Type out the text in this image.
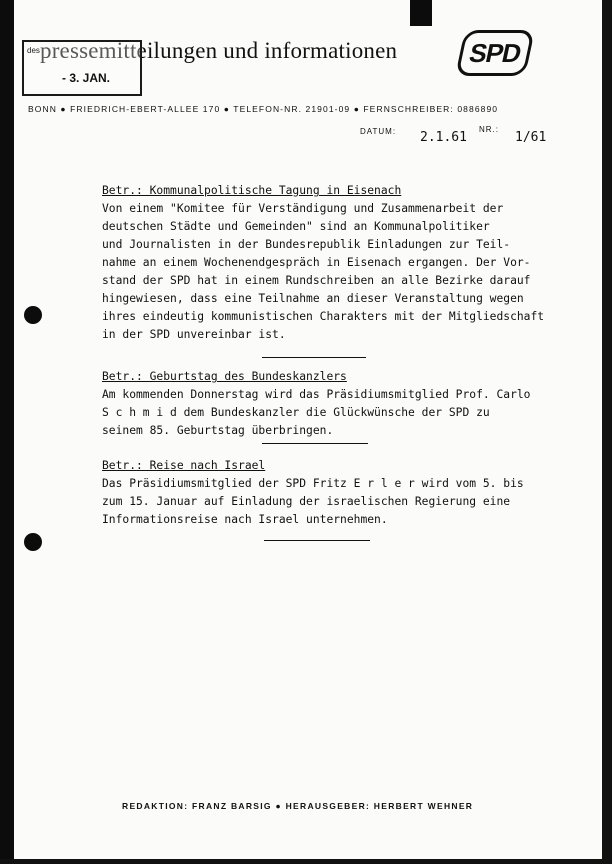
pressemitteilungen und informationen
des
- 3. JAN.
SPD
BONN ● FRIEDRICH-EBERT-ALLEE 170 ● TELEFON-NR. 21901-09 ● FERNSCHREIBER: 0886890
DATUM: 2.1.61
NR.:
1/61
Betr.: Kommunalpolitische Tagung in Eisenach

Von einem "Komitee für Verständigung und Zusammenarbeit der
deutschen Städte und Gemeinden" sind an Kommunalpolitiker
und Journalisten in der Bundesrepublik Einladungen zur Teil-
nahme an einem Wochenendgespräch in Eisenach ergangen. Der Vor-
stand der SPD hat in einem Rundschreiben an alle Bezirke darauf
hingewiesen, dass eine Teilnahme an dieser Veranstaltung wegen
ihres eindeutig kommunistischen Charakters mit der Mitgliedschaft
in der SPD unvereinbar ist.

Betr.: Geburtstag des Bundeskanzlers

Am kommenden Donnerstag wird das Präsidiumsmitglied Prof. Carlo
S c h m i d dem Bundeskanzler die Glückwünsche der SPD zu
seinem 85. Geburtstag überbringen.

Betr.: Reise nach Israel

Das Präsidiumsmitglied der SPD Fritz E r l e r wird vom 5. bis
zum 15. Januar auf Einladung der israelischen Regierung eine
Informationsreise nach Israel unternehmen.

REDAKTION: FRANZ BARSIG ● HERAUSGEBER: HERBERT WEHNER
